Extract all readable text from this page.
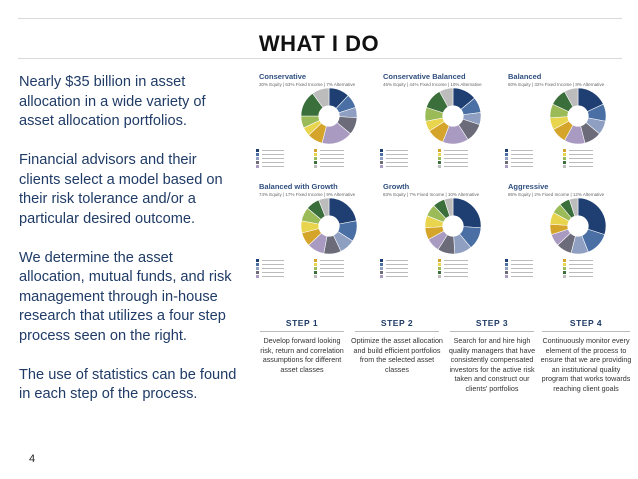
WHAT I DO

Nearly $35 billion in asset allocation in a wide variety of asset allocation portfolios.

Financial advisors and their clients select a model based on their risk tolerance and/or a particular desired outcome.

We determine the asset allocation, mutual funds, and risk management through in-house research that utilizes a four step process seen on the right.

The use of statistics can be found in each step of the process.

4
Conservative
30% Equity | 63% Fixed Income | 7% Alternative
Conservative Balanced
46% Equity | 44% Fixed Income | 10% Alternative
Balanced
60% Equity | 32% Fixed Income | 8% Alternative
Balanced with Growth
74% Equity | 17% Fixed Income | 9% Alternative
Growth
83% Equity | 7% Fixed Income | 10% Alternative
Aggressive
86% Equity | 2% Fixed Income | 12% Alternative
STEP 1
Develop forward looking risk, return and correlation assumptions for different asset classes
STEP 2
Optimize the asset allocation and build efficient portfolios from the selected asset classes
STEP 3
Search for and hire high quality managers that have consistently compensated investors for the active risk taken and construct our clients' portfolios
STEP 4
Continuously monitor every element of the process to ensure that we are providing an institutional quality program that works towards reaching client goals
